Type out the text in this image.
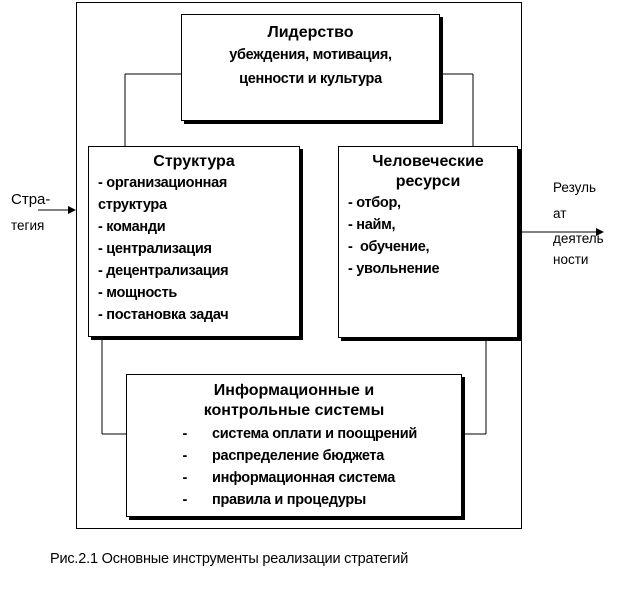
Стра-
тегия
Резуль
ат
деятель
ности
Лидерство
убеждения, мотивация,
ценности и культура
Структура
- организационная
структура
- команди
- централизация
- децентрализация
- мощность
- постановка задач
Человеческие
ресурси
- отбор,
- найм,
-  обучение,
- увольнение
Информационные и
контрольные системы
-	система оплати и поощрений
-	распределение бюджета
-	информационная система
-	правила и процедуры
Рис.2.1 Основные инструменты реализации стратегий
